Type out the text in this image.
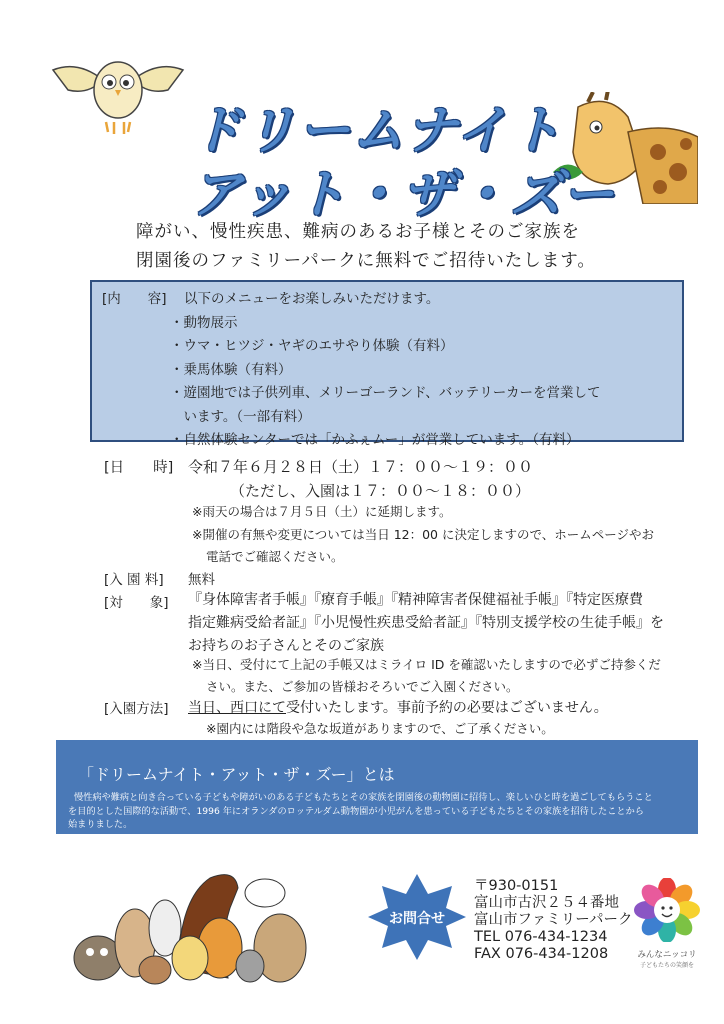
ドリームナイト
アット・ザ・ズー
障がい、慢性疾患、難病のあるお子様とそのご家族を
閉園後のファミリーパークに無料でご招待いたします。
[内　　容] 以下のメニューをお楽しみいただけます。
・動物展示
・ウマ・ヒツジ・ヤギのエサやり体験（有料）
・乗馬体験（有料）
・遊園地では子供列車、メリーゴーランド、バッテリーカーを営業して
　います。（一部有料）
・自然体験センターでは「かふぇムー」が営業しています。（有料）
[日　　時] 令和７年６月２８日（土）１７：００～１９：００
（ただし、入園は１７：００～１８：００）
※雨天の場合は７月５日（土）に延期します。
※開催の有無や変更については当日 12：00 に決定しますので、ホームページやお
電話でご確認ください。
[入 園 料] 無料
[対　　象] 『身体障害者手帳』『療育手帳』『精神障害者保健福祉手帳』『特定医療費
指定難病受給者証』『小児慢性疾患受給者証』『特別支援学校の生徒手帳』を
お持ちのお子さんとそのご家族
※当日、受付にて上記の手帳又はミライロ ID を確認いたしますので必ずご持参くだ
さい。また、ご参加の皆様おそろいでご入園ください。
[入園方法] 当日、西口にて受付いたします。事前予約の必要はございません。
※園内には階段や急な坂道がありますので、ご了承ください。
「ドリームナイト・アット・ザ・ズー」とは
慢性病や難病と向き合っている子どもや障がいのある子どもたちとその家族を閉園後の動物園に招待し、楽しいひと時を過ごしてもらうこと
を目的とした国際的な活動で、1996 年にオランダのロッテルダム動物園が小児がんを患っている子どもたちとその家族を招待したことから
始まりました。
お問合せ
〒930-0151
富山市古沢２５４番地
富山市ファミリーパーク
TEL 076-434-1234
FAX 076-434-1208	みんなニッコリ
子どもたちの笑顔を
